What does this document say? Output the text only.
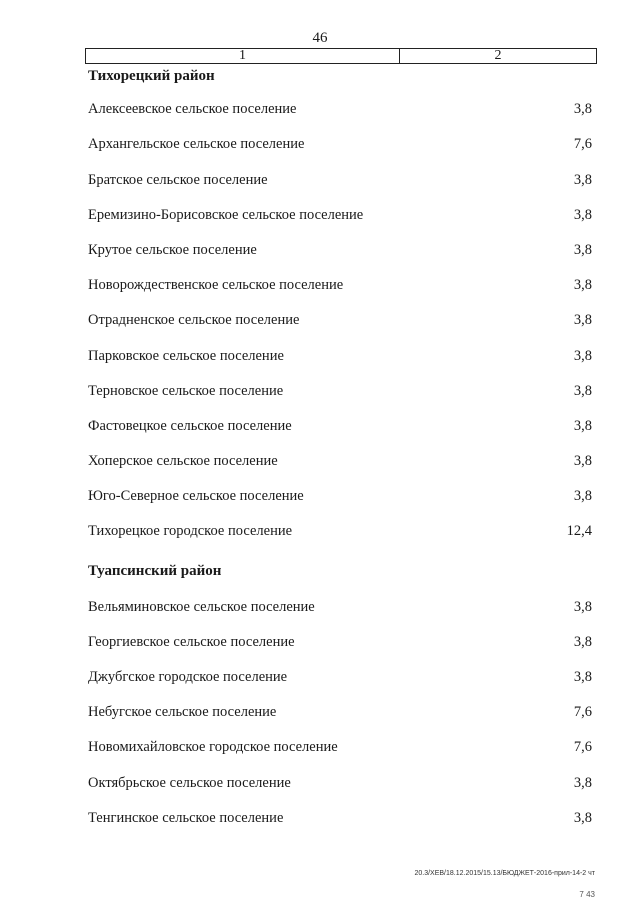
46
1	2
Тихорецкий район
Алексеевское сельское поселение	3,8
Архангельское сельское поселение	7,6
Братское сельское поселение	3,8
Еремизино-Борисовское сельское поселение	3,8
Крутое сельское поселение	3,8
Новорождественское сельское поселение	3,8
Отрадненское сельское поселение	3,8
Парковское сельское поселение	3,8
Терновское сельское поселение	3,8
Фастовецкое сельское поселение	3,8
Хоперское сельское поселение	3,8
Юго-Северное сельское поселение	3,8
Тихорецкое городское поселение	12,4
Туапсинский район
Вельяминовское сельское поселение	3,8
Георгиевское сельское поселение	3,8
Джубгское городское поселение	3,8
Небугское сельское поселение	7,6
Новомихайловское городское поселение	7,6
Октябрьское сельское поселение	3,8
Тенгинское сельское поселение	3,8
20.3/ХЕВ/18.12.2015/15.13/БЮДЖЕТ-2016-прил-14-2 чт
7 43
